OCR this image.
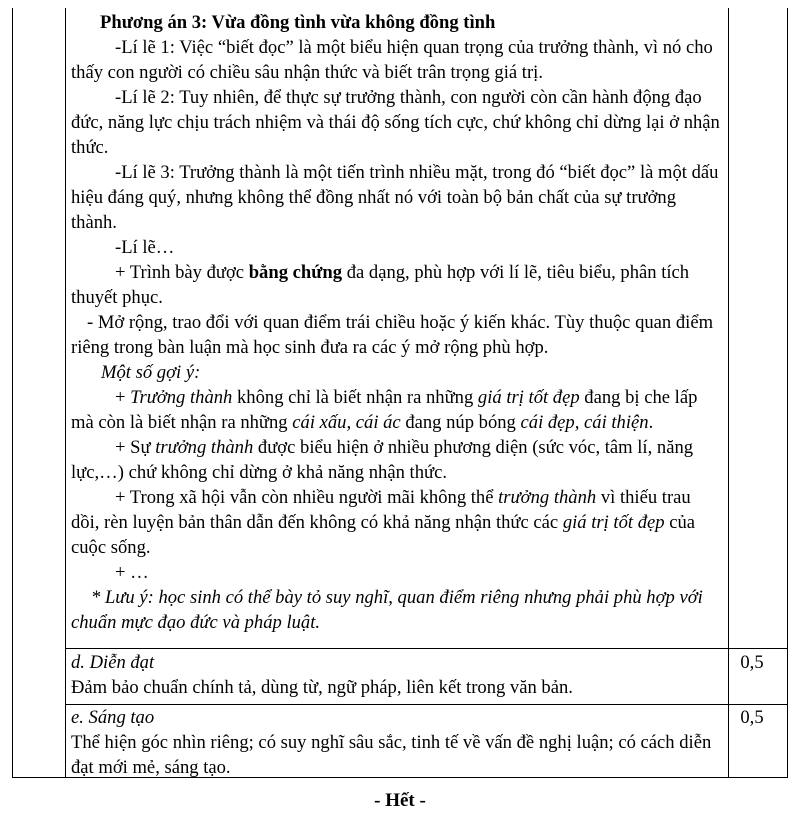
Phương án 3: Vừa đồng tình vừa không đồng tình

-Lí lẽ 1: Việc “biết đọc” là một biểu hiện quan trọng của trưởng thành, vì nó cho thấy con người có chiều sâu nhận thức và biết trân trọng giá trị.

-Lí lẽ 2: Tuy nhiên, để thực sự trưởng thành, con người còn cần hành động đạo đức, năng lực chịu trách nhiệm và thái độ sống tích cực, chứ không chỉ dừng lại ở nhận thức.

-Lí lẽ 3: Trưởng thành là một tiến trình nhiều mặt, trong đó “biết đọc” là một dấu hiệu đáng quý, nhưng không thể đồng nhất nó với toàn bộ bản chất của sự trưởng thành.

-Lí lẽ…

+ Trình bày được bằng chứng đa dạng, phù hợp với lí lẽ, tiêu biểu, phân tích thuyết phục.

- Mở rộng, trao đổi với quan điểm trái chiều hoặc ý kiến khác. Tùy thuộc quan điểm riêng trong bàn luận mà học sinh đưa ra các ý mở rộng phù hợp.

Một số gợi ý:

+ Trưởng thành không chỉ là biết nhận ra những giá trị tốt đẹp đang bị che lấp mà còn là biết nhận ra những cái xấu, cái ác đang núp bóng cái đẹp, cái thiện.

+ Sự trưởng thành được biểu hiện ở nhiều phương diện (sức vóc, tâm lí, năng lực,…) chứ không chỉ dừng ở khả năng nhận thức.

+ Trong xã hội vẫn còn nhiều người mãi không thể trưởng thành vì thiếu trau dồi, rèn luyện bản thân dẫn đến không có khả năng nhận thức các giá trị tốt đẹp của cuộc sống.

+ …

* Lưu ý: học sinh có thể bày tỏ suy nghĩ, quan điểm riêng nhưng phải phù hợp với chuẩn mực đạo đức và pháp luật.

d. Diễn đạt

Đảm bảo chuẩn chính tả, dùng từ, ngữ pháp, liên kết trong văn bản.

0,5

e. Sáng tạo

Thể hiện góc nhìn riêng; có suy nghĩ sâu sắc, tinh tế về vấn đề nghị luận; có cách diễn đạt mới mẻ, sáng tạo.

0,5
- Hết -
